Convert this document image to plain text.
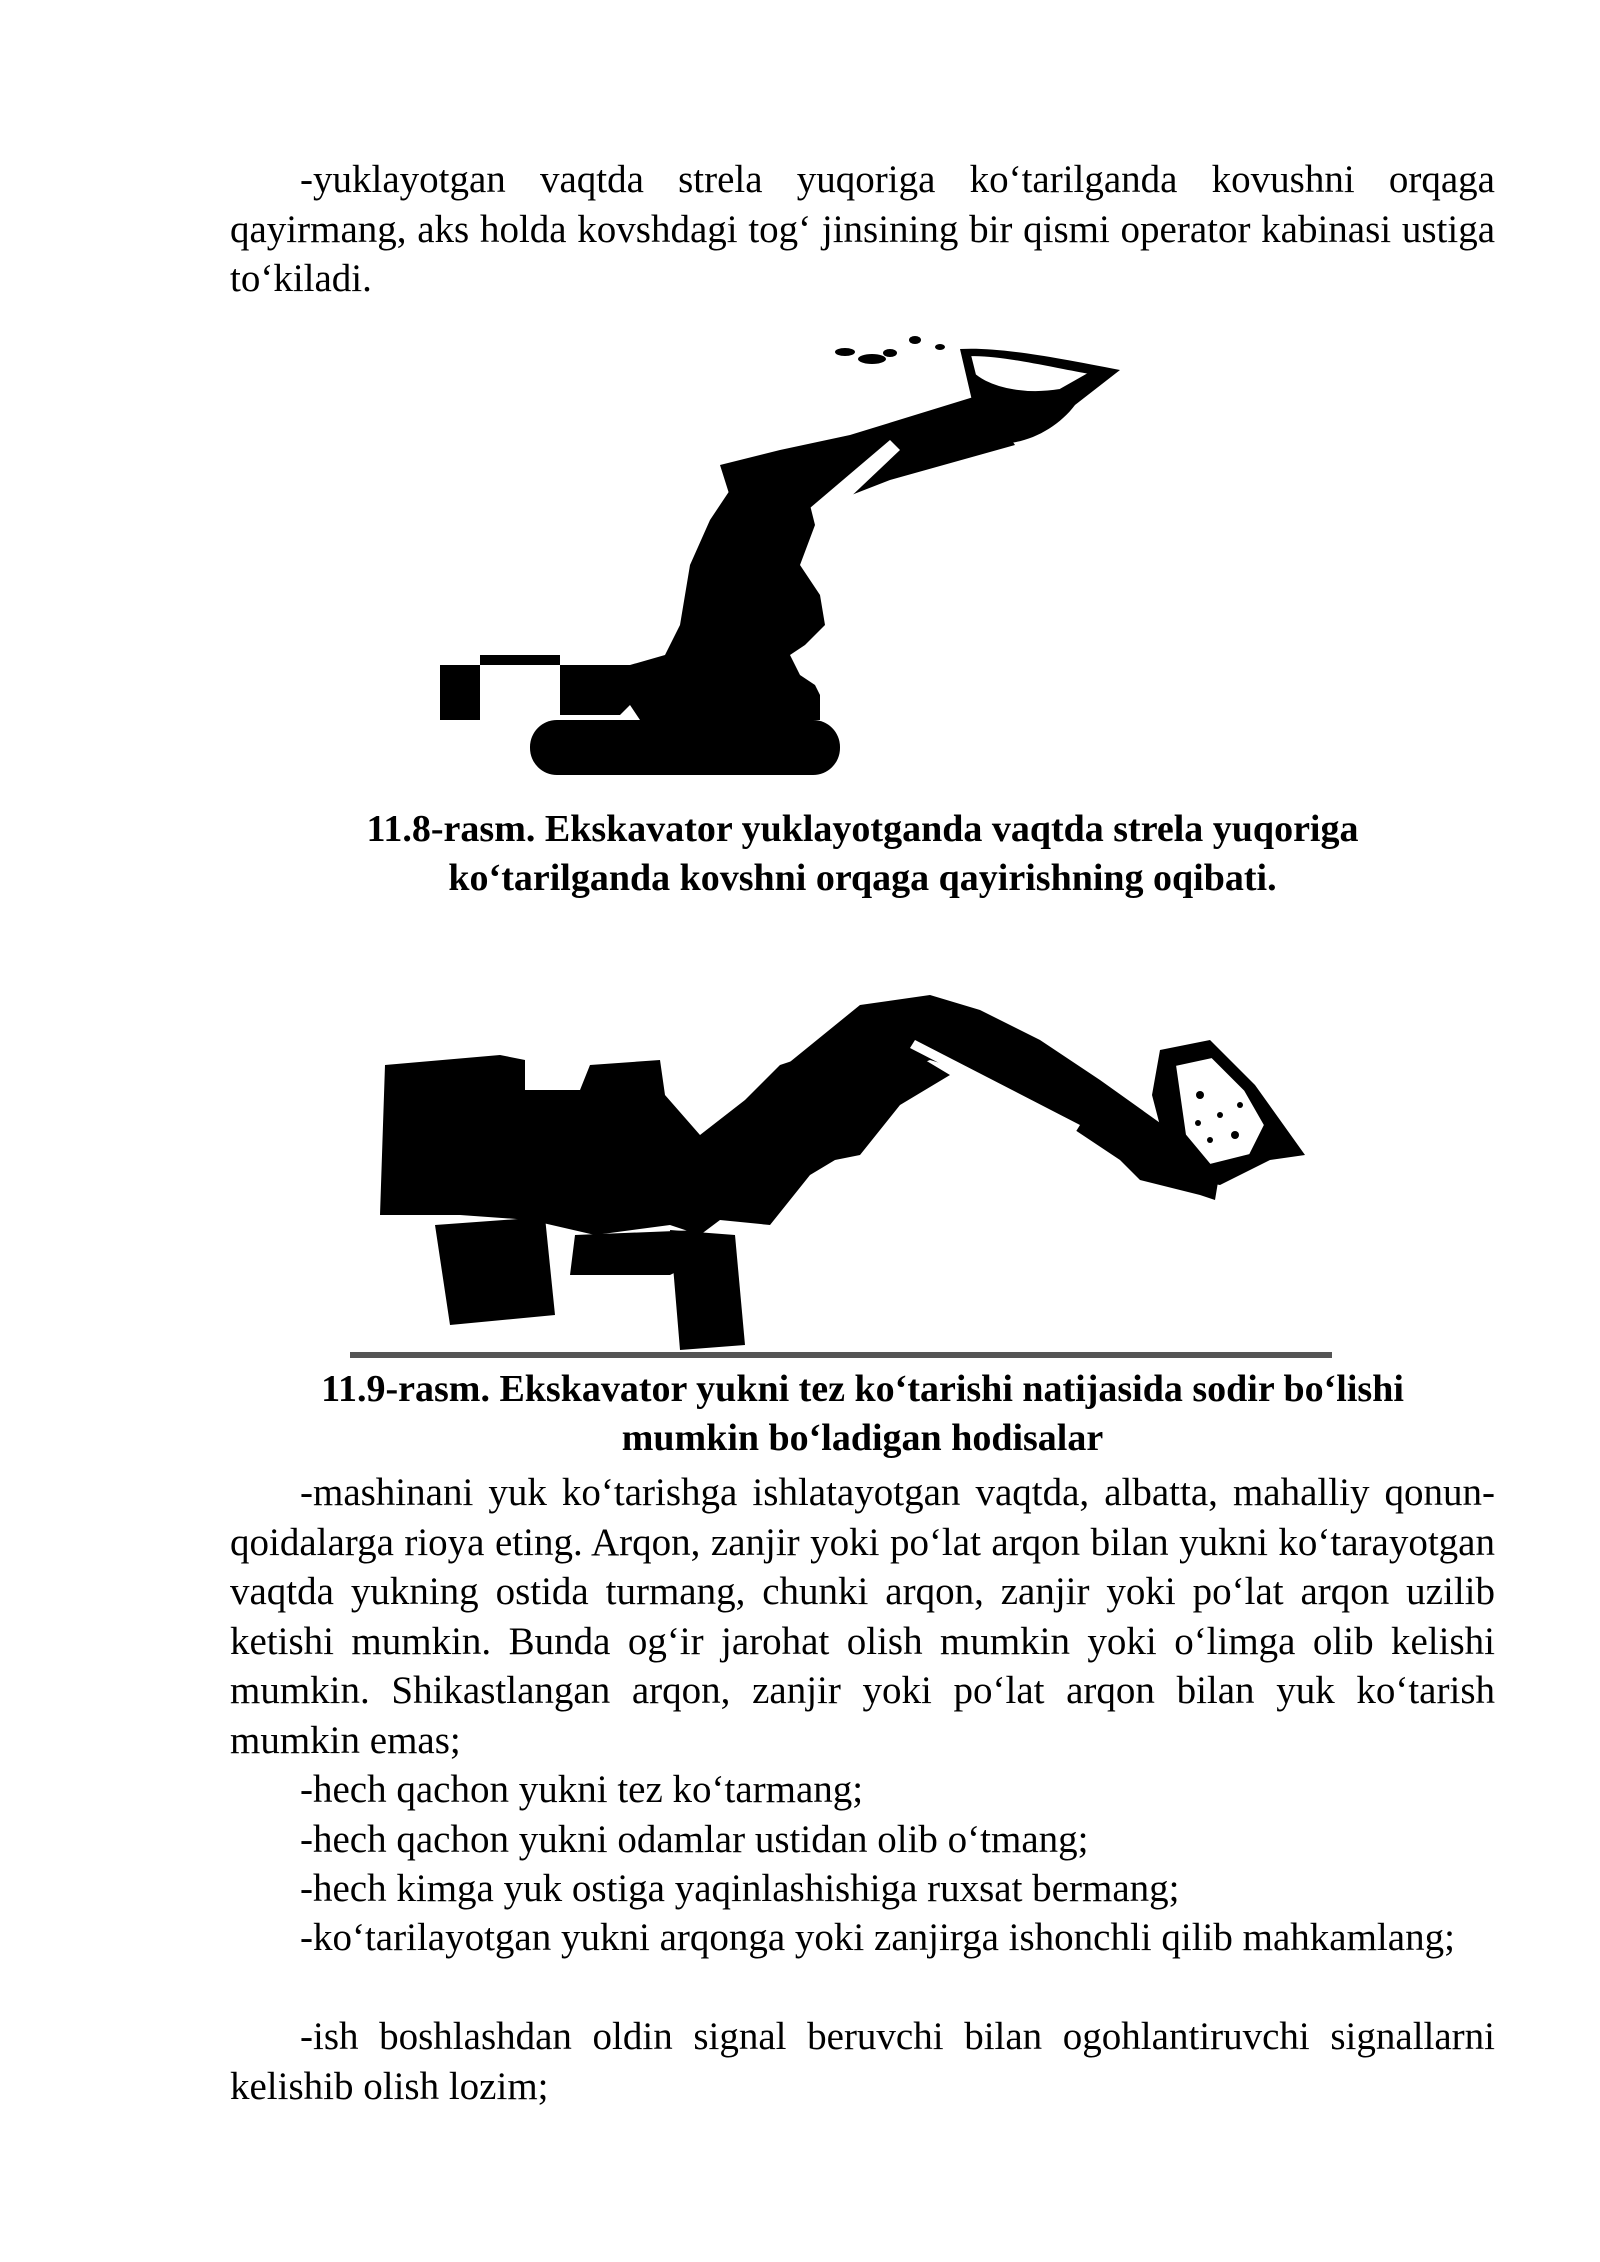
-yuklayotgan vaqtda strela yuqoriga ko‘tarilganda kovushni orqaga qayirmang, aks holda kovshdagi tog‘ jinsining bir qismi operator kabinasi ustiga to‘kiladi.
11.8-rasm. Ekskavator yuklayotganda vaqtda strela yuqoriga
ko‘tarilganda kovshni orqaga qayirishning oqibati.
11.9-rasm. Ekskavator yukni tez ko‘tarishi natijasida sodir bo‘lishi
mumkin bo‘ladigan hodisalar
-mashinani yuk ko‘tarishga ishlatayotgan vaqtda, albatta, mahalliy qonun-qoidalarga rioya eting. Arqon, zanjir yoki po‘lat arqon bilan yukni ko‘tarayotgan vaqtda yukning ostida turmang, chunki arqon, zanjir yoki po‘lat arqon uzilib ketishi mumkin. Bunda og‘ir jarohat olish mumkin yoki o‘limga olib kelishi mumkin. Shikastlangan arqon, zanjir yoki po‘lat arqon bilan yuk ko‘tarish mumkin emas;
-hech qachon yukni tez ko‘tarmang;
-hech qachon yukni odamlar ustidan olib o‘tmang;
-hech kimga yuk ostiga yaqinlashishiga ruxsat bermang;
-ko‘tarilayotgan yukni arqonga yoki zanjirga ishonchli qilib mahkamlang;
-ish boshlashdan oldin signal beruvchi bilan ogohlantiruvchi signallarni kelishib olish lozim;
